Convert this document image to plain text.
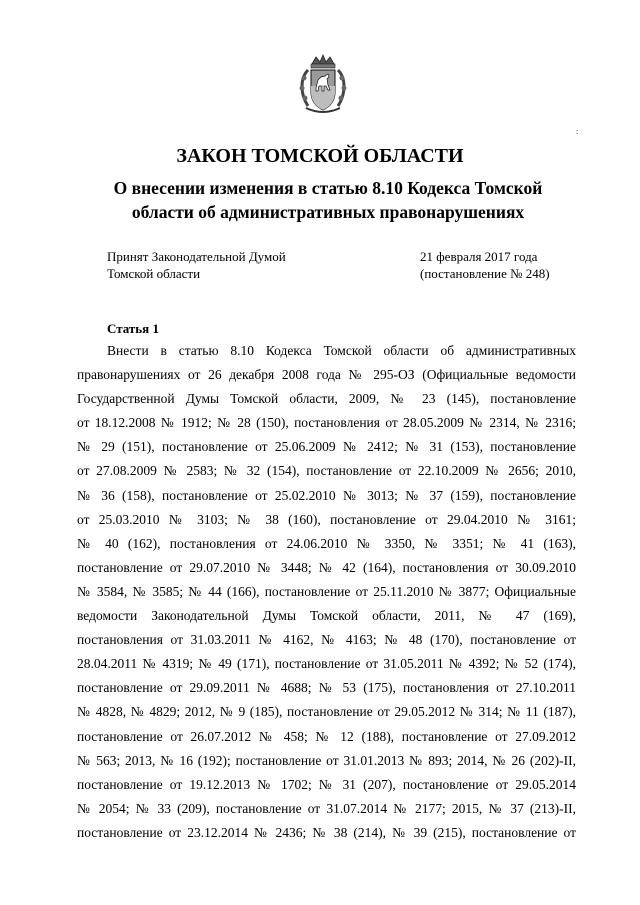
:
ЗАКОН ТОМСКОЙ ОБЛАСТИ
О внесении изменения в статью 8.10 Кодекса Томской
области об административных правонарушениях
Принят Законодательной Думой
Томской области
21 февраля 2017 года
(постановление № 248)
Статья 1

Внести в статью 8.10 Кодекса Томской области об административных

правонарушениях от 26 декабря 2008 года № 295-ОЗ (Официальные ведомости

Государственной Думы Томской области, 2009, № 23 (145), постановление

от 18.12.2008 № 1912; № 28 (150), постановления от 28.05.2009 № 2314, № 2316;

№ 29 (151), постановление от 25.06.2009 № 2412; № 31 (153), постановление

от 27.08.2009 № 2583; № 32 (154), постановление от 22.10.2009 № 2656; 2010,

№ 36 (158), постановление от 25.02.2010 № 3013; № 37 (159), постановление

от 25.03.2010 № 3103; № 38 (160), постановление от 29.04.2010 № 3161;

№ 40 (162), постановления от 24.06.2010 № 3350, № 3351; № 41 (163),

постановление от 29.07.2010 № 3448; № 42 (164), постановления от 30.09.2010

№ 3584, № 3585; № 44 (166), постановление от 25.11.2010 № 3877; Официальные

ведомости Законодательной Думы Томской области, 2011, № 47 (169),

постановления от 31.03.2011 № 4162, № 4163; № 48 (170), постановление от

28.04.2011 № 4319; № 49 (171), постановление от 31.05.2011 № 4392; № 52 (174),

постановление от 29.09.2011 № 4688; № 53 (175), постановления от 27.10.2011

№ 4828, № 4829; 2012, № 9 (185), постановление от 29.05.2012 № 314; № 11 (187),

постановление от 26.07.2012 № 458; № 12 (188), постановление от 27.09.2012

№ 563; 2013, № 16 (192); постановление от 31.01.2013 № 893; 2014, № 26 (202)-II,

постановление от 19.12.2013 № 1702; № 31 (207), постановление от 29.05.2014

№ 2054; № 33 (209), постановление от 31.07.2014 № 2177; 2015, № 37 (213)-II,

постановление от 23.12.2014 № 2436; № 38 (214), № 39 (215), постановление от
